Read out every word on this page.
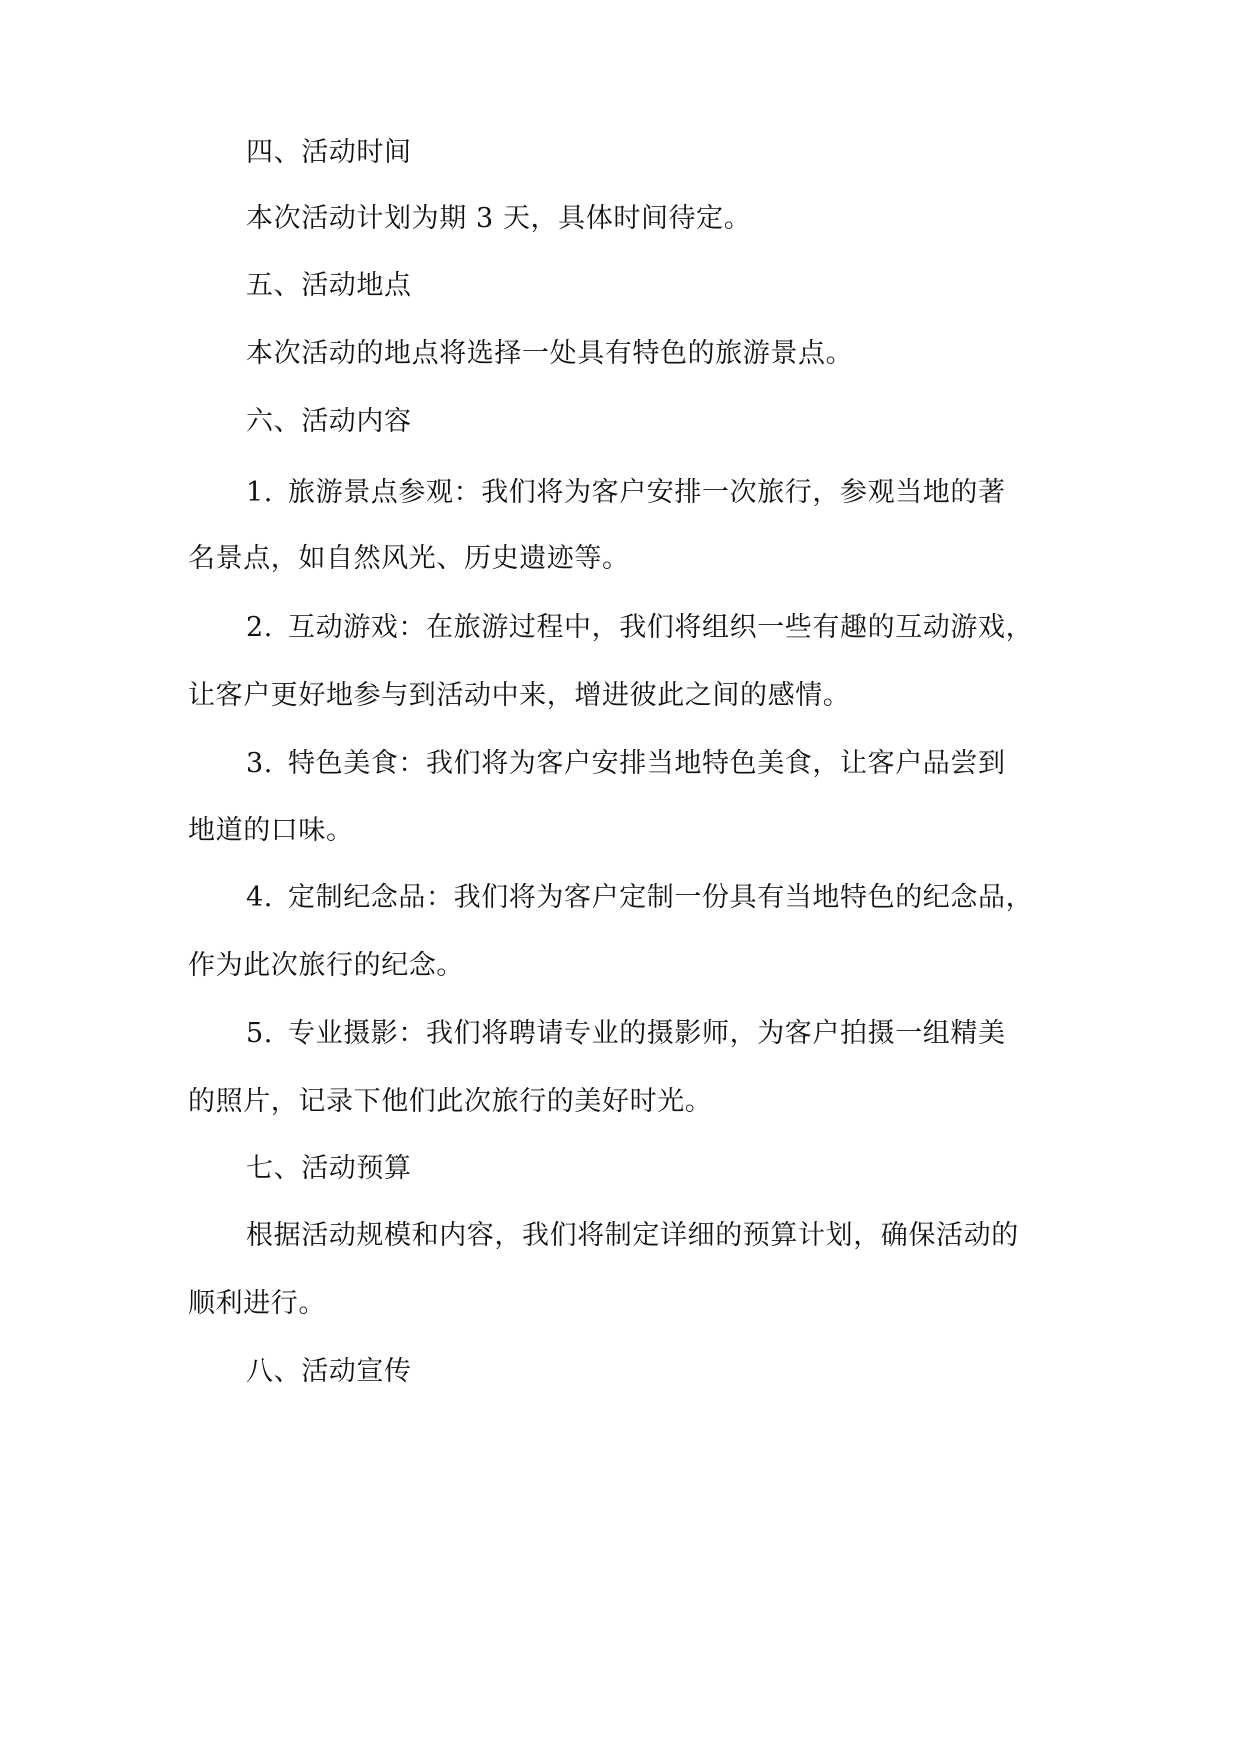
四、活动时间
本次活动计划为期 3 天，具体时间待定。
五、活动地点
本次活动的地点将选择一处具有特色的旅游景点。
六、活动内容
1. 旅游景点参观：我们将为客户安排一次旅行，参观当地的著
名景点，如自然风光、历史遗迹等。
2. 互动游戏：在旅游过程中，我们将组织一些有趣的互动游戏，
让客户更好地参与到活动中来，增进彼此之间的感情。
3. 特色美食：我们将为客户安排当地特色美食，让客户品尝到
地道的口味。
4. 定制纪念品：我们将为客户定制一份具有当地特色的纪念品，
作为此次旅行的纪念。
5. 专业摄影：我们将聘请专业的摄影师，为客户拍摄一组精美
的照片，记录下他们此次旅行的美好时光。
七、活动预算
根据活动规模和内容，我们将制定详细的预算计划，确保活动的
顺利进行。
八、活动宣传
